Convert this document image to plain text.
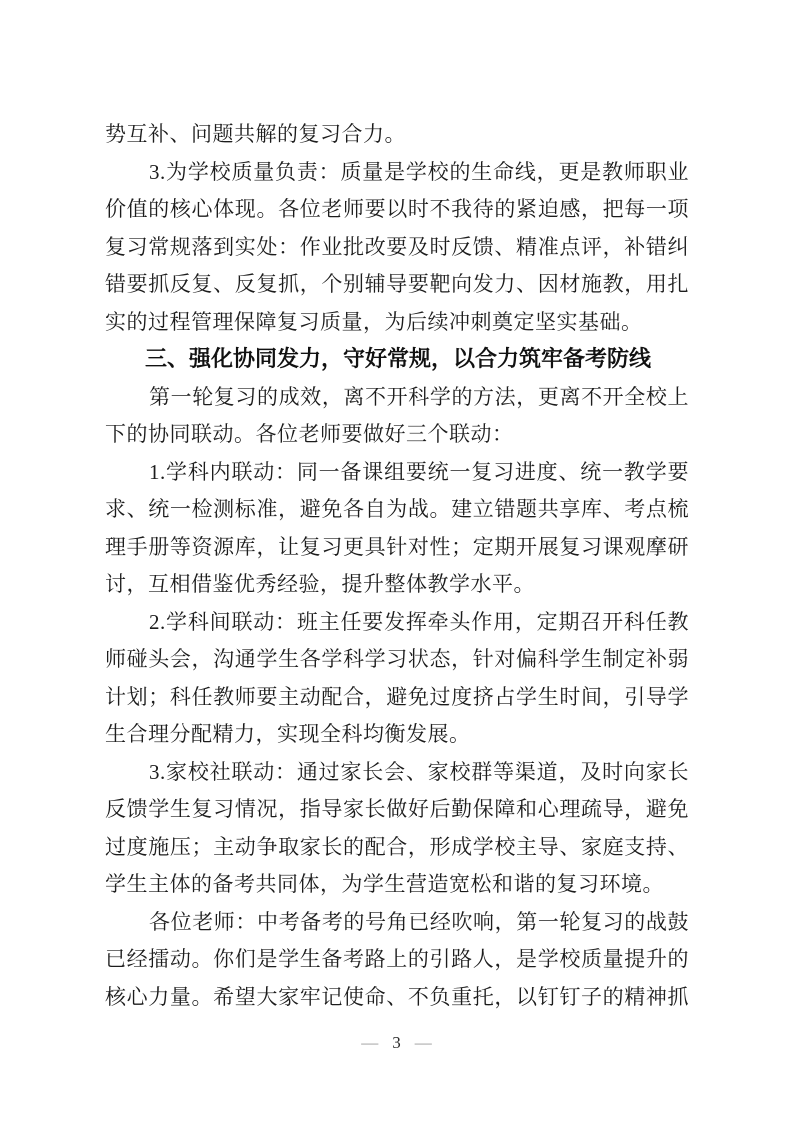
势互补、问题共解的复习合力。
3.为学校质量负责：质量是学校的生命线，更是教师职业
价值的核心体现。各位老师要以时不我待的紧迫感，把每一项
复习常规落到实处：作业批改要及时反馈、精准点评，补错纠
错要抓反复、反复抓，个别辅导要靶向发力、因材施教，用扎
实的过程管理保障复习质量，为后续冲刺奠定坚实基础。
三、强化协同发力，守好常规，以合力筑牢备考防线
第一轮复习的成效，离不开科学的方法，更离不开全校上
下的协同联动。各位老师要做好三个联动：
1.学科内联动：同一备课组要统一复习进度、统一教学要
求、统一检测标准，避免各自为战。建立错题共享库、考点梳
理手册等资源库，让复习更具针对性；定期开展复习课观摩研
讨，互相借鉴优秀经验，提升整体教学水平。
2.学科间联动：班主任要发挥牵头作用，定期召开科任教
师碰头会，沟通学生各学科学习状态，针对偏科学生制定补弱
计划；科任教师要主动配合，避免过度挤占学生时间，引导学
生合理分配精力，实现全科均衡发展。
3.家校社联动：通过家长会、家校群等渠道，及时向家长
反馈学生复习情况，指导家长做好后勤保障和心理疏导，避免
过度施压；主动争取家长的配合，形成学校主导、家庭支持、
学生主体的备考共同体，为学生营造宽松和谐的复习环境。
各位老师：中考备考的号角已经吹响，第一轮复习的战鼓
已经擂动。你们是学生备考路上的引路人，是学校质量提升的
核心力量。希望大家牢记使命、不负重托，以钉钉子的精神抓
— 3 —
